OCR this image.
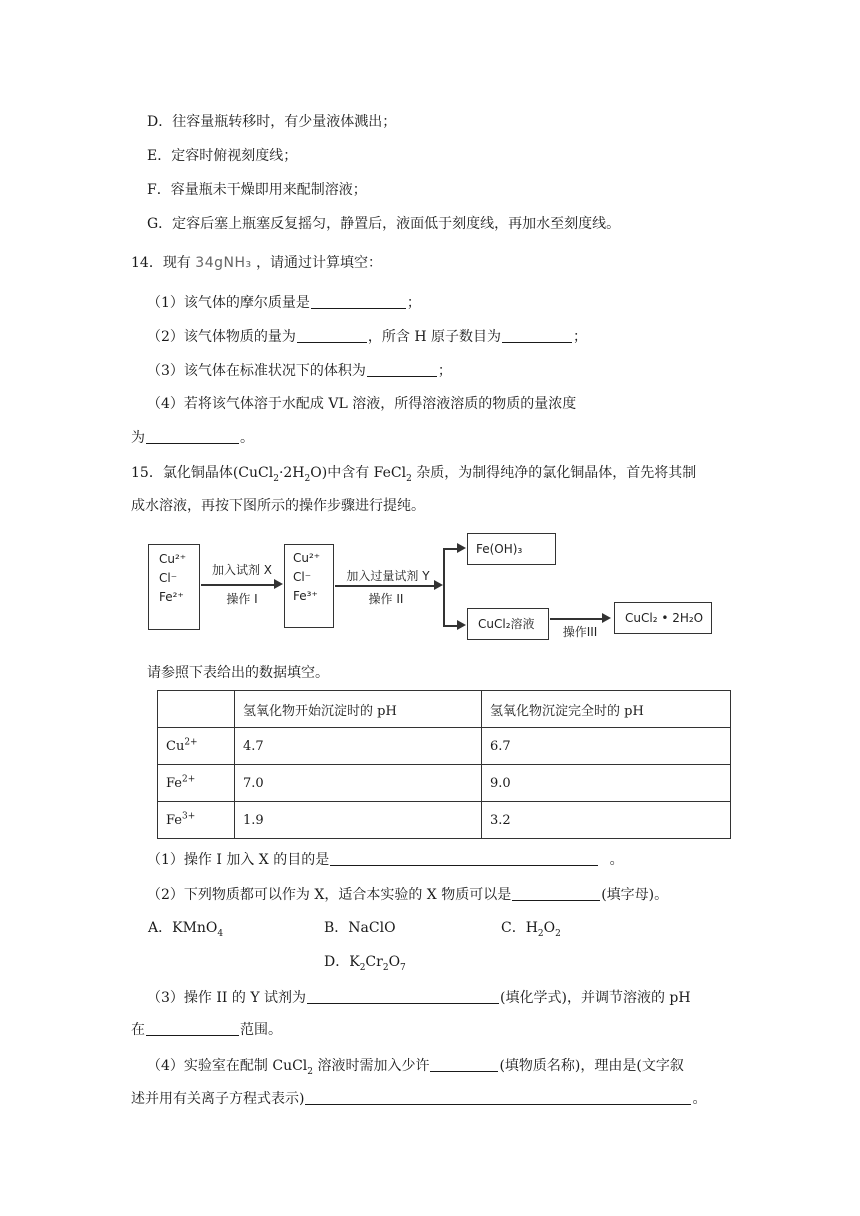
D．往容量瓶转移时，有少量液体溅出；
E．定容时俯视刻度线；
F．容量瓶未干燥即用来配制溶液；
G．定容后塞上瓶塞反复摇匀，静置后，液面低于刻度线，再加水至刻度线。
14．现有 34gNH₃ ，请通过计算填空：
（1）该气体的摩尔质量是	；
（2）该气体物质的量为	，所含 H 原子数目为	；
（3）该气体在标准状况下的体积为	；
（4）若将该气体溶于水配成 VL 溶液，所得溶液溶质的物质的量浓度
为	。
15．氯化铜晶体$(CuCl_2\cdot 2H_2O)$中含有 FeCl$_2$ 杂质，为制得纯净的氯化铜晶体，首先将其制
成水溶液，再按下图所示的操作步骤进行提纯。
Cu²⁺
Cl⁻
Fe²⁺
加入试剂 X
操作 I
Cu²⁺
Cl⁻
Fe³⁺
加入过量试剂 Y
操作 II
Fe(OH)₃
CuCl₂溶液
操作III
CuCl₂ • 2H₂O
请参照下表给出的数据填空。
	氢氧化物开始沉淀时的 pH	氢氧化物沉淀完全时的 pH
$Cu^{2+}$	4.7	6.7
$Fe^{2+}$	7.0	9.0
$Fe^{3+}$	1.9	3.2
（1）操作 I 加入 X 的目的是	。
（2）下列物质都可以作为 X，适合本实验的 X 物质可以是	(填字母)。
A．KMnO$_4$	B．NaClO	C．$H_2O_2$
D．$K_2Cr_2O_7$
（3）操作 II 的 Y 试剂为	(填化学式)，并调节溶液的 pH
在	范围。
（4）实验室在配制 CuCl$_2$ 溶液时需加入少许	(填物质名称)，理由是(文字叙
述并用有关离子方程式表示)	。
